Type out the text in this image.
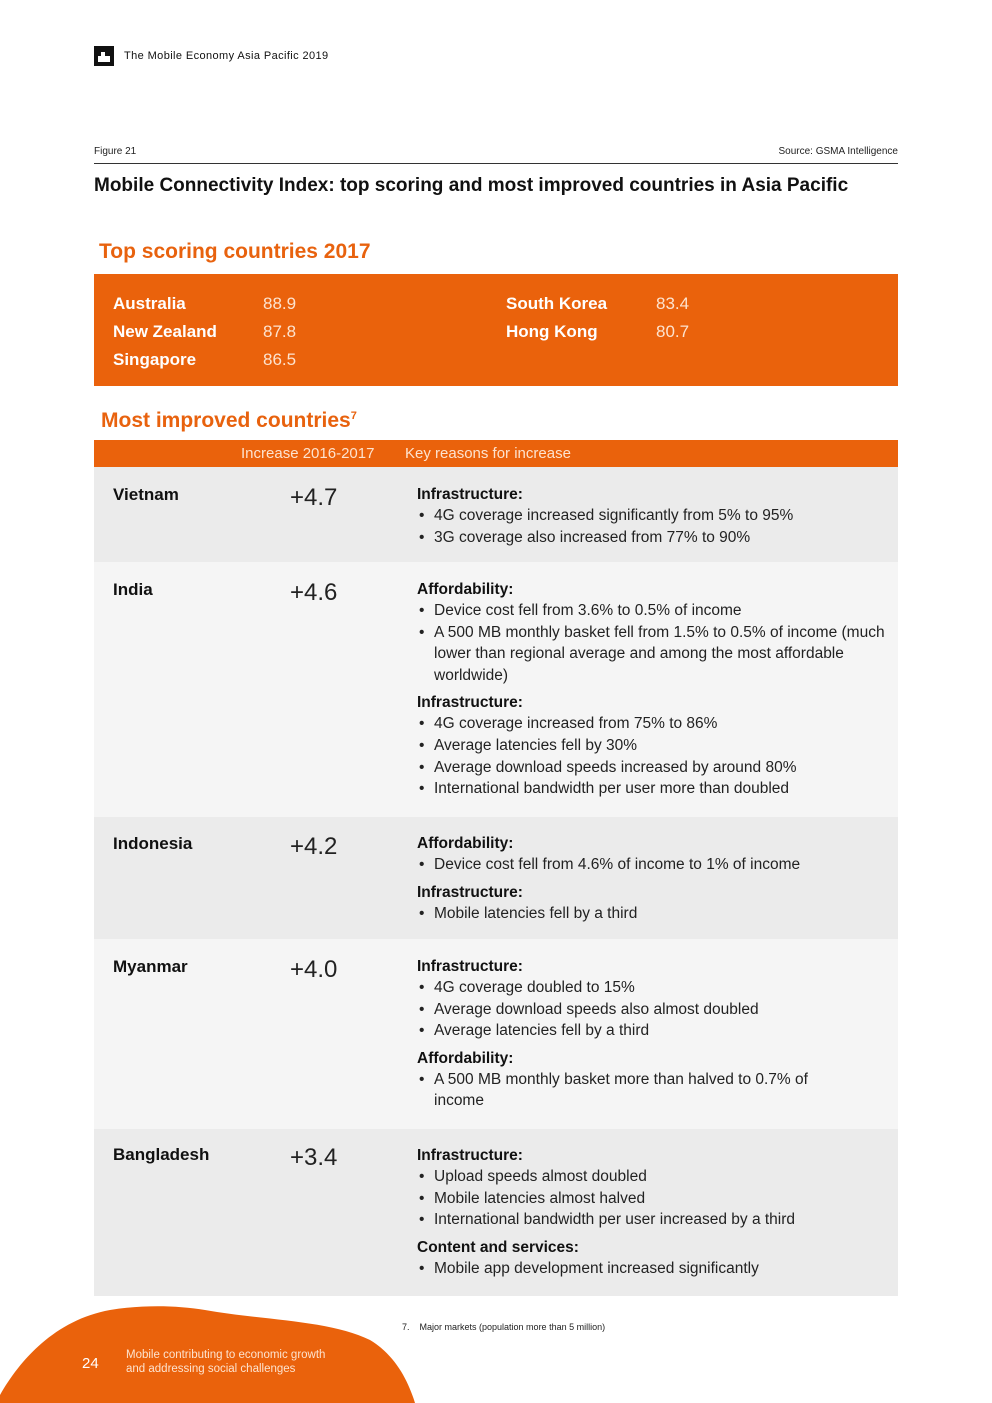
The Mobile Economy Asia Pacific 2019
Figure 21	Source: GSMA Intelligence
Mobile Connectivity Index: top scoring and most improved countries in Asia Pacific
Top scoring countries 2017
Australia	88.9
New Zealand	87.8
Singapore	86.5
South Korea	83.4
Hong Kong	80.7
Most improved countries$^7$
Increase 2016-2017 Key reasons for increase
Vietnam	+4.7	Infrastructure:
• 4G coverage increased significantly from 5% to 95%
• 3G coverage also increased from 77% to 90%
India	+4.6	Affordability:
• Device cost fell from 3.6% to 0.5% of income
• A 500 MB monthly basket fell from 1.5% to 0.5% of income (much lower than regional average and among the most affordable worldwide)
Infrastructure:
• 4G coverage increased from 75% to 86%
• Average latencies fell by 30%
• Average download speeds increased by around 80%
• International bandwidth per user more than doubled
Indonesia	+4.2	Affordability:
• Device cost fell from 4.6% of income to 1% of income
Infrastructure:
• Mobile latencies fell by a third
Myanmar	+4.0	Infrastructure:
• 4G coverage doubled to 15%
• Average download speeds also almost doubled
• Average latencies fell by a third
Affordability:
• A 500 MB monthly basket more than halved to 0.7% of income
Bangladesh	+3.4	Infrastructure:
• Upload speeds almost doubled
• Mobile latencies almost halved
• International bandwidth per user increased by a third
Content and services:
• Mobile app development increased significantly
7. Major markets (population more than 5 million)
24 Mobile contributing to economic growth
and addressing social challenges
